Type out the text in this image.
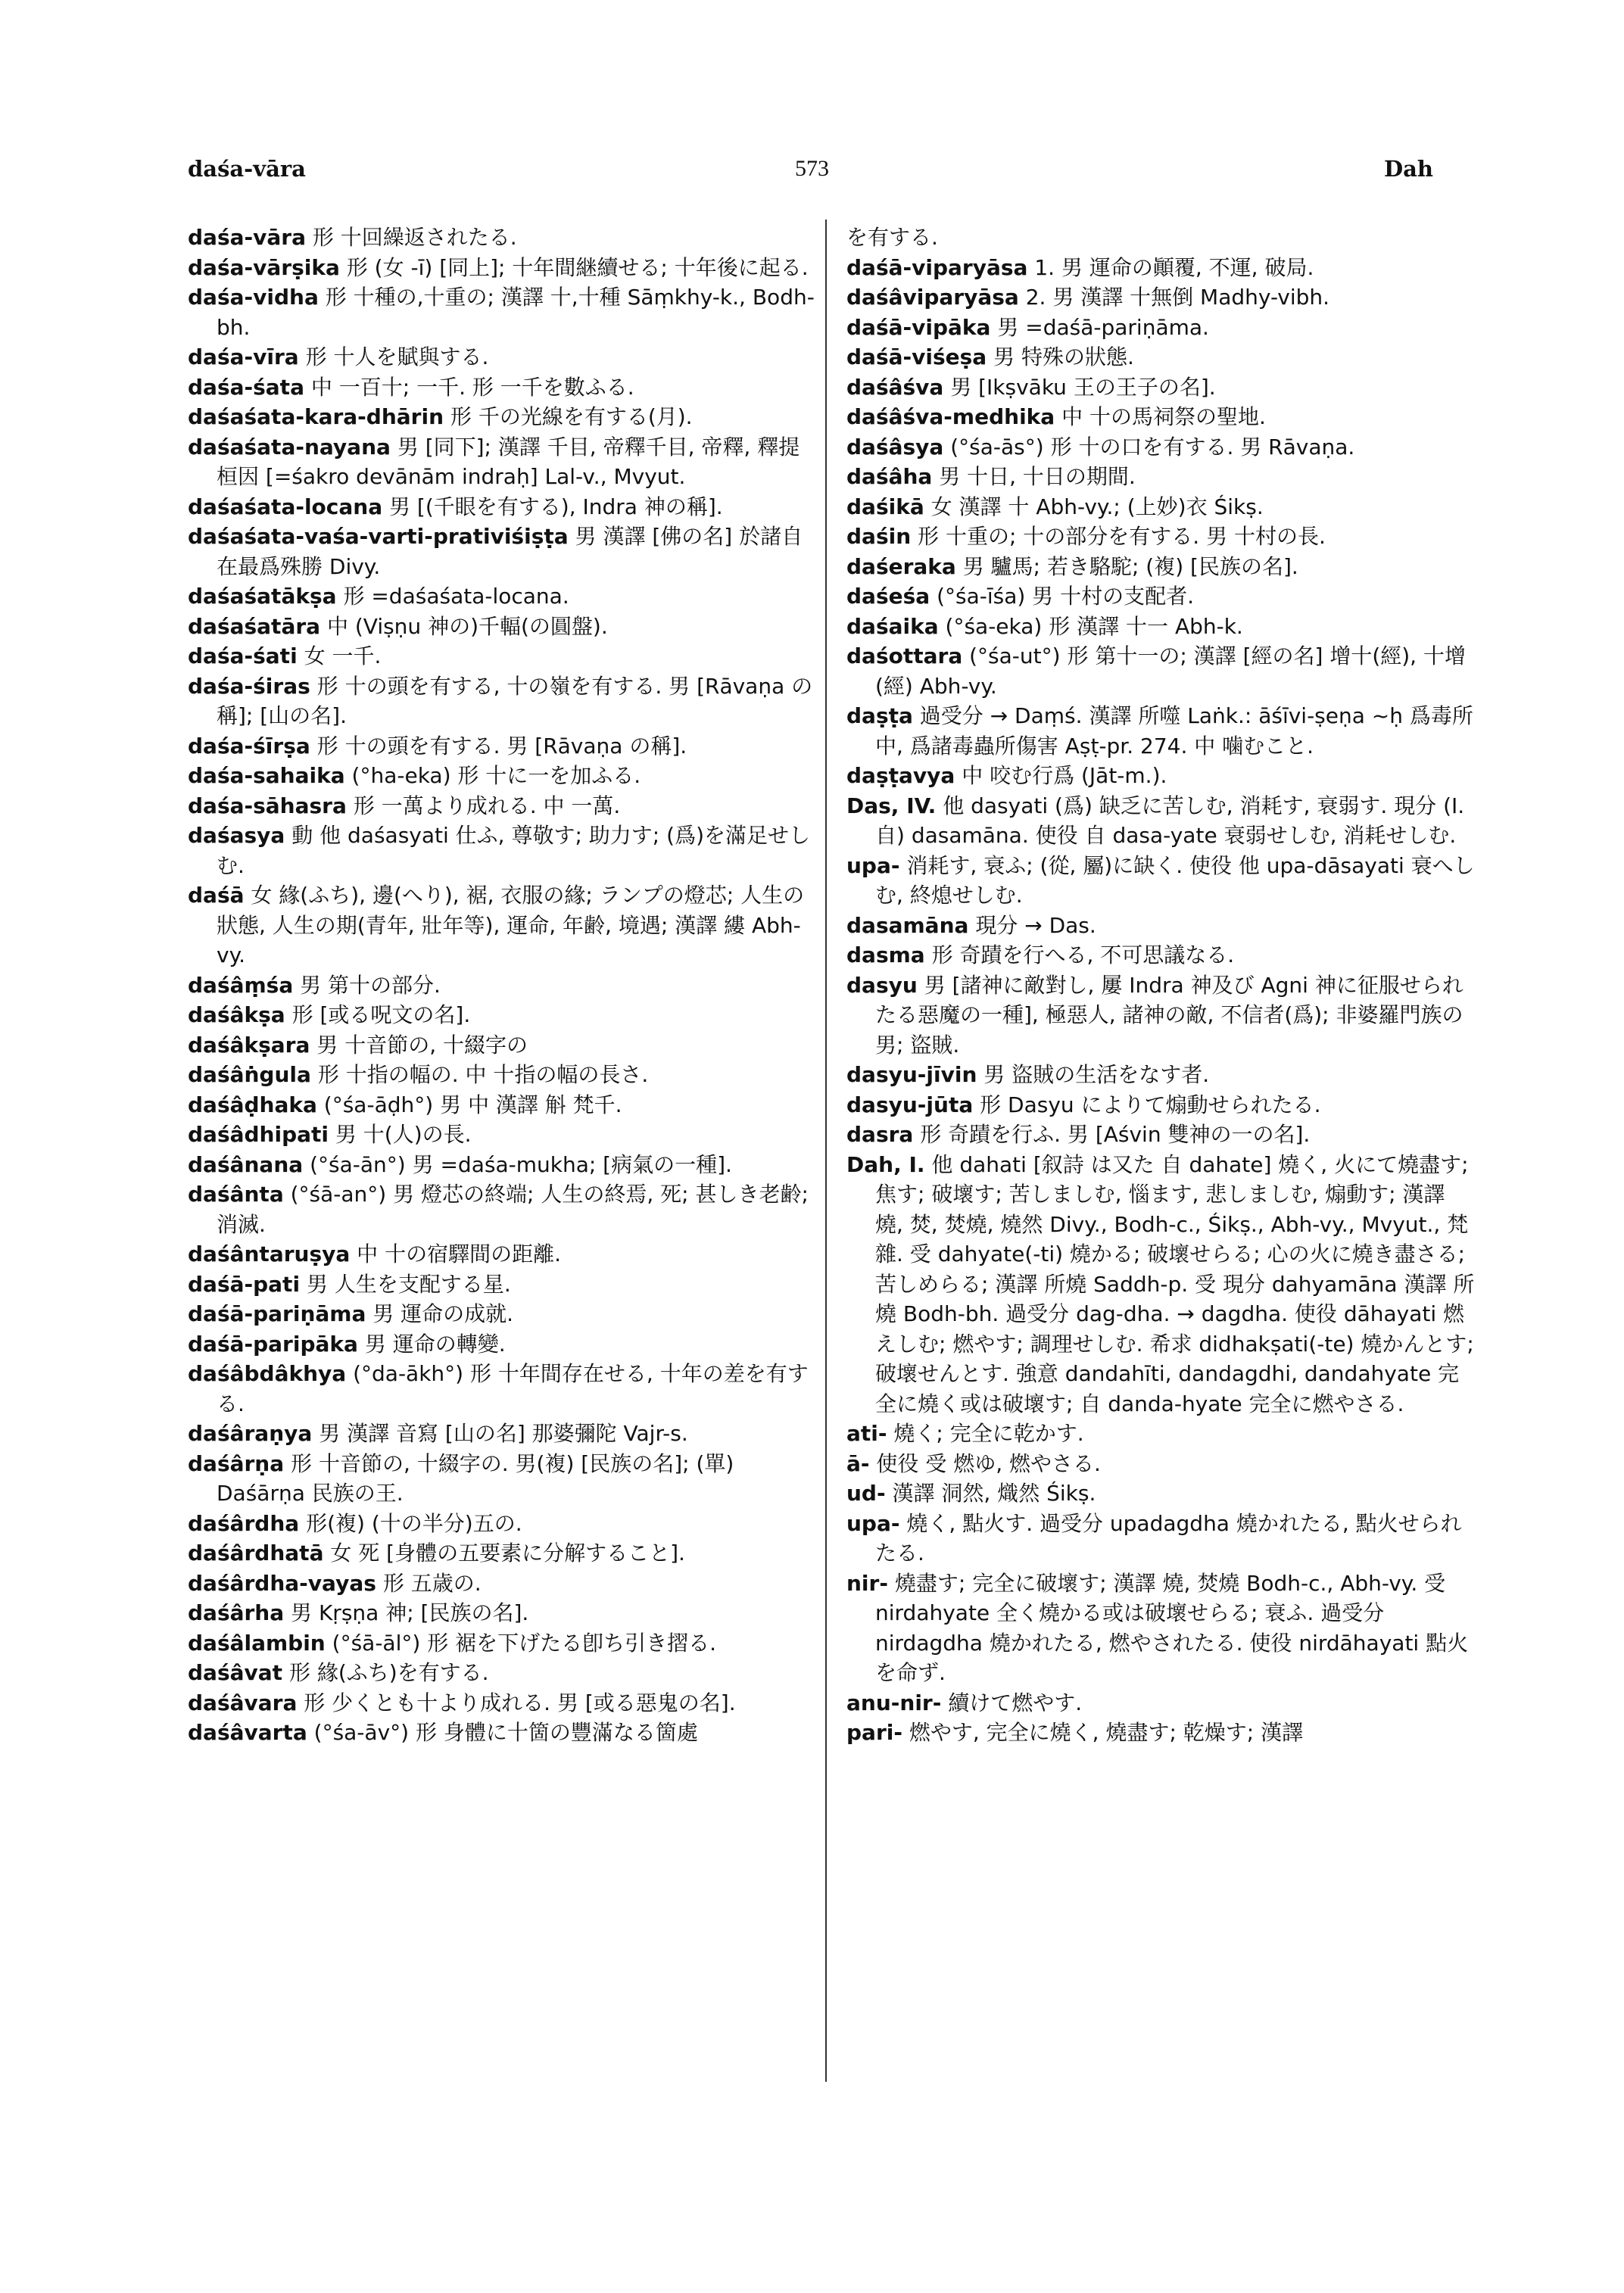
daśa-vāra	573	Dah

daśa-vāra 形 十回繰返されたる.

daśa-vārṣika 形 (女 -ī) [同上]; 十年間継續せる; 十年後に起る.

daśa-vidha 形 十種の,十重の; 漢譯 十,十種 Sāṃkhy-k., Bodh-bh.

daśa-vīra 形 十人を賦與する.

daśa-śata 中 一百十; 一千. 形 一千を數ふる.

daśaśata-kara-dhārin 形 千の光線を有する(月).

daśaśata-nayana 男 [同下]; 漢譯 千目, 帝釋千目, 帝釋, 釋提桓因 [=śakro devānām indraḥ] Lal-v., Mvyut.

daśaśata-locana 男 [(千眼を有する), Indra 神の稱].

daśaśata-vaśa-varti-prativiśiṣṭa 男 漢譯 [佛の名] 於諸自在最爲殊勝 Divy.

daśaśatākṣa 形 =daśaśata-locana.

daśaśatāra 中 (Viṣṇu 神の)千輻(の圓盤).

daśa-śati 女 一千.

daśa-śiras 形 十の頭を有する, 十の嶺を有する. 男 [Rāvaṇa の稱]; [山の名].

daśa-śīrṣa 形 十の頭を有する. 男 [Rāvaṇa の稱].

daśa-sahaika (°ha-eka) 形 十に一を加ふる.

daśa-sāhasra 形 一萬より成れる. 中 一萬.

daśasya 動 他 daśasyati 仕ふ, 尊敬す; 助力す; (爲)を滿足せしむ.

daśā 女 緣(ふち), 邊(へり), 裾, 衣服の緣; ランプの燈芯; 人生の狀態, 人生の期(青年, 壯年等), 運命, 年齢, 境遇; 漢譯 縷 Abh-vy.

daśâṃśa 男 第十の部分.

daśâkṣa 形 [或る呪文の名].

daśâkṣara 男 十音節の, 十綴字の

daśâṅgula 形 十指の幅の. 中 十指の幅の長さ.

daśâḍhaka (°śa-āḍh°) 男 中 漢譯 斛 梵千.

daśâdhipati 男 十(人)の長.

daśânana (°śa-ān°) 男 =daśa-mukha; [病氣の一種].

daśânta (°śā-an°) 男 燈芯の終端; 人生の終焉, 死; 甚しき老齢; 消滅.

daśântaruṣya 中 十の宿驛間の距離.

daśā-pati 男 人生を支配する星.

daśā-pariṇāma 男 運命の成就.

daśā-paripāka 男 運命の轉變.

daśâbdâkhya (°da-ākh°) 形 十年間存在せる, 十年の差を有する.

daśâraṇya 男 漢譯 音寫 [山の名] 那婆彌陀 Vajr-s.

daśârṇa 形 十音節の, 十綴字の. 男(複) [民族の名]; (單) Daśārṇa 民族の王.

daśârdha 形(複) (十の半分)五の.

daśârdhatā 女 死 [身體の五要素に分解すること].

daśârdha-vayas 形 五歳の.

daśârha 男 Kṛṣṇa 神; [民族の名].

daśâlambin (°śā-āl°) 形 裾を下げたる卽ち引き摺る.

daśâvat 形 緣(ふち)を有する.

daśâvara 形 少くとも十より成れる. 男 [或る惡鬼の名].

daśâvarta (°śa-āv°) 形 身體に十箇の豐滿なる箇處

を有する.

daśā-viparyāsa 1. 男 運命の顚覆, 不運, 破局.

daśâviparyāsa 2. 男 漢譯 十無倒 Madhy-vibh.

daśā-vipāka 男 =daśā-pariṇāma.

daśā-viśeṣa 男 特殊の狀態.

daśâśva 男 [Ikṣvāku 王の王子の名].

daśâśva-medhika 中 十の馬祠祭の聖地.

daśâsya (°śa-ās°) 形 十の口を有する. 男 Rāvaṇa.

daśâha 男 十日, 十日の期間.

daśikā 女 漢譯 十 Abh-vy.; (上妙)衣 Śikṣ.

daśin 形 十重の; 十の部分を有する. 男 十村の長.

daśeraka 男 驢馬; 若き駱駝; (複) [民族の名].

daśeśa (°śa-īśa) 男 十村の支配者.

daśaika (°śa-eka) 形 漢譯 十一 Abh-k.

daśottara (°śa-ut°) 形 第十一の; 漢譯 [經の名] 增十(經), 十增(經) Abh-vy.

daṣṭa 過受分 → Daṃś. 漢譯 所噬 Laṅk.: āśīvi-ṣeṇa ~ḥ 爲毒所中, 爲諸毒蟲所傷害 Aṣṭ-pr. 274. 中 噛むこと.

daṣṭavya 中 咬む行爲 (Jāt-m.).

Das, IV. 他 dasyati (爲) 缺乏に苦しむ, 消耗す, 衰弱す. 現分 (I. 自) dasamāna. 使役 自 dasa-yate 衰弱せしむ, 消耗せしむ.

upa- 消耗す, 衰ふ; (從, 屬)に缺く. 使役 他 upa-dāsayati 衰へしむ, 終熄せしむ.

dasamāna 現分 → Das.

dasma 形 奇蹟を行へる, 不可思議なる.

dasyu 男 [諸神に敵對し, 屢 Indra 神及び Agni 神に征服せられたる惡魔の一種], 極惡人, 諸神の敵, 不信者(爲); 非婆羅門族の男; 盜賊.

dasyu-jīvin 男 盜賊の生活をなす者.

dasyu-jūta 形 Dasyu によりて煽動せられたる.

dasra 形 奇蹟を行ふ. 男 [Aśvin 雙神の一の名].

Dah, I. 他 dahati [叙詩 は又た 自 dahate] 燒く, 火にて燒盡す; 焦す; 破壞す; 苦しましむ, 惱ます, 悲しましむ, 煽動す; 漢譯 燒, 焚, 焚燒, 燒然 Divy., Bodh-c., Śikṣ., Abh-vy., Mvyut., 梵雜. 受 dahyate(-ti) 燒かる; 破壞せらる; 心の火に燒き盡さる; 苦しめらる; 漢譯 所燒 Saddh-p. 受 現分 dahyamāna 漢譯 所燒 Bodh-bh. 過受分 dag-dha. → dagdha. 使役 dāhayati 燃えしむ; 燃やす; 調理せしむ. 希求 didhakṣati(-te) 燒かんとす; 破壞せんとす. 強意 dandahīti, dandagdhi, dandahyate 完全に燒く或は破壞す; 自 danda-hyate 完全に燃やさる.

ati- 燒く; 完全に乾かす.

ā- 使役 受 燃ゆ, 燃やさる.

ud- 漢譯 洞然, 熾然 Śikṣ.

upa- 燒く, 點火す. 過受分 upadagdha 燒かれたる, 點火せられたる.

nir- 燒盡す; 完全に破壞す; 漢譯 燒, 焚燒 Bodh-c., Abh-vy. 受 nirdahyate 全く燒かる或は破壞せらる; 衰ふ. 過受分 nirdagdha 燒かれたる, 燃やされたる. 使役 nirdāhayati 點火を命ず.

anu-nir- 續けて燃やす.

pari- 燃やす, 完全に燒く, 燒盡す; 乾燥す; 漢譯
